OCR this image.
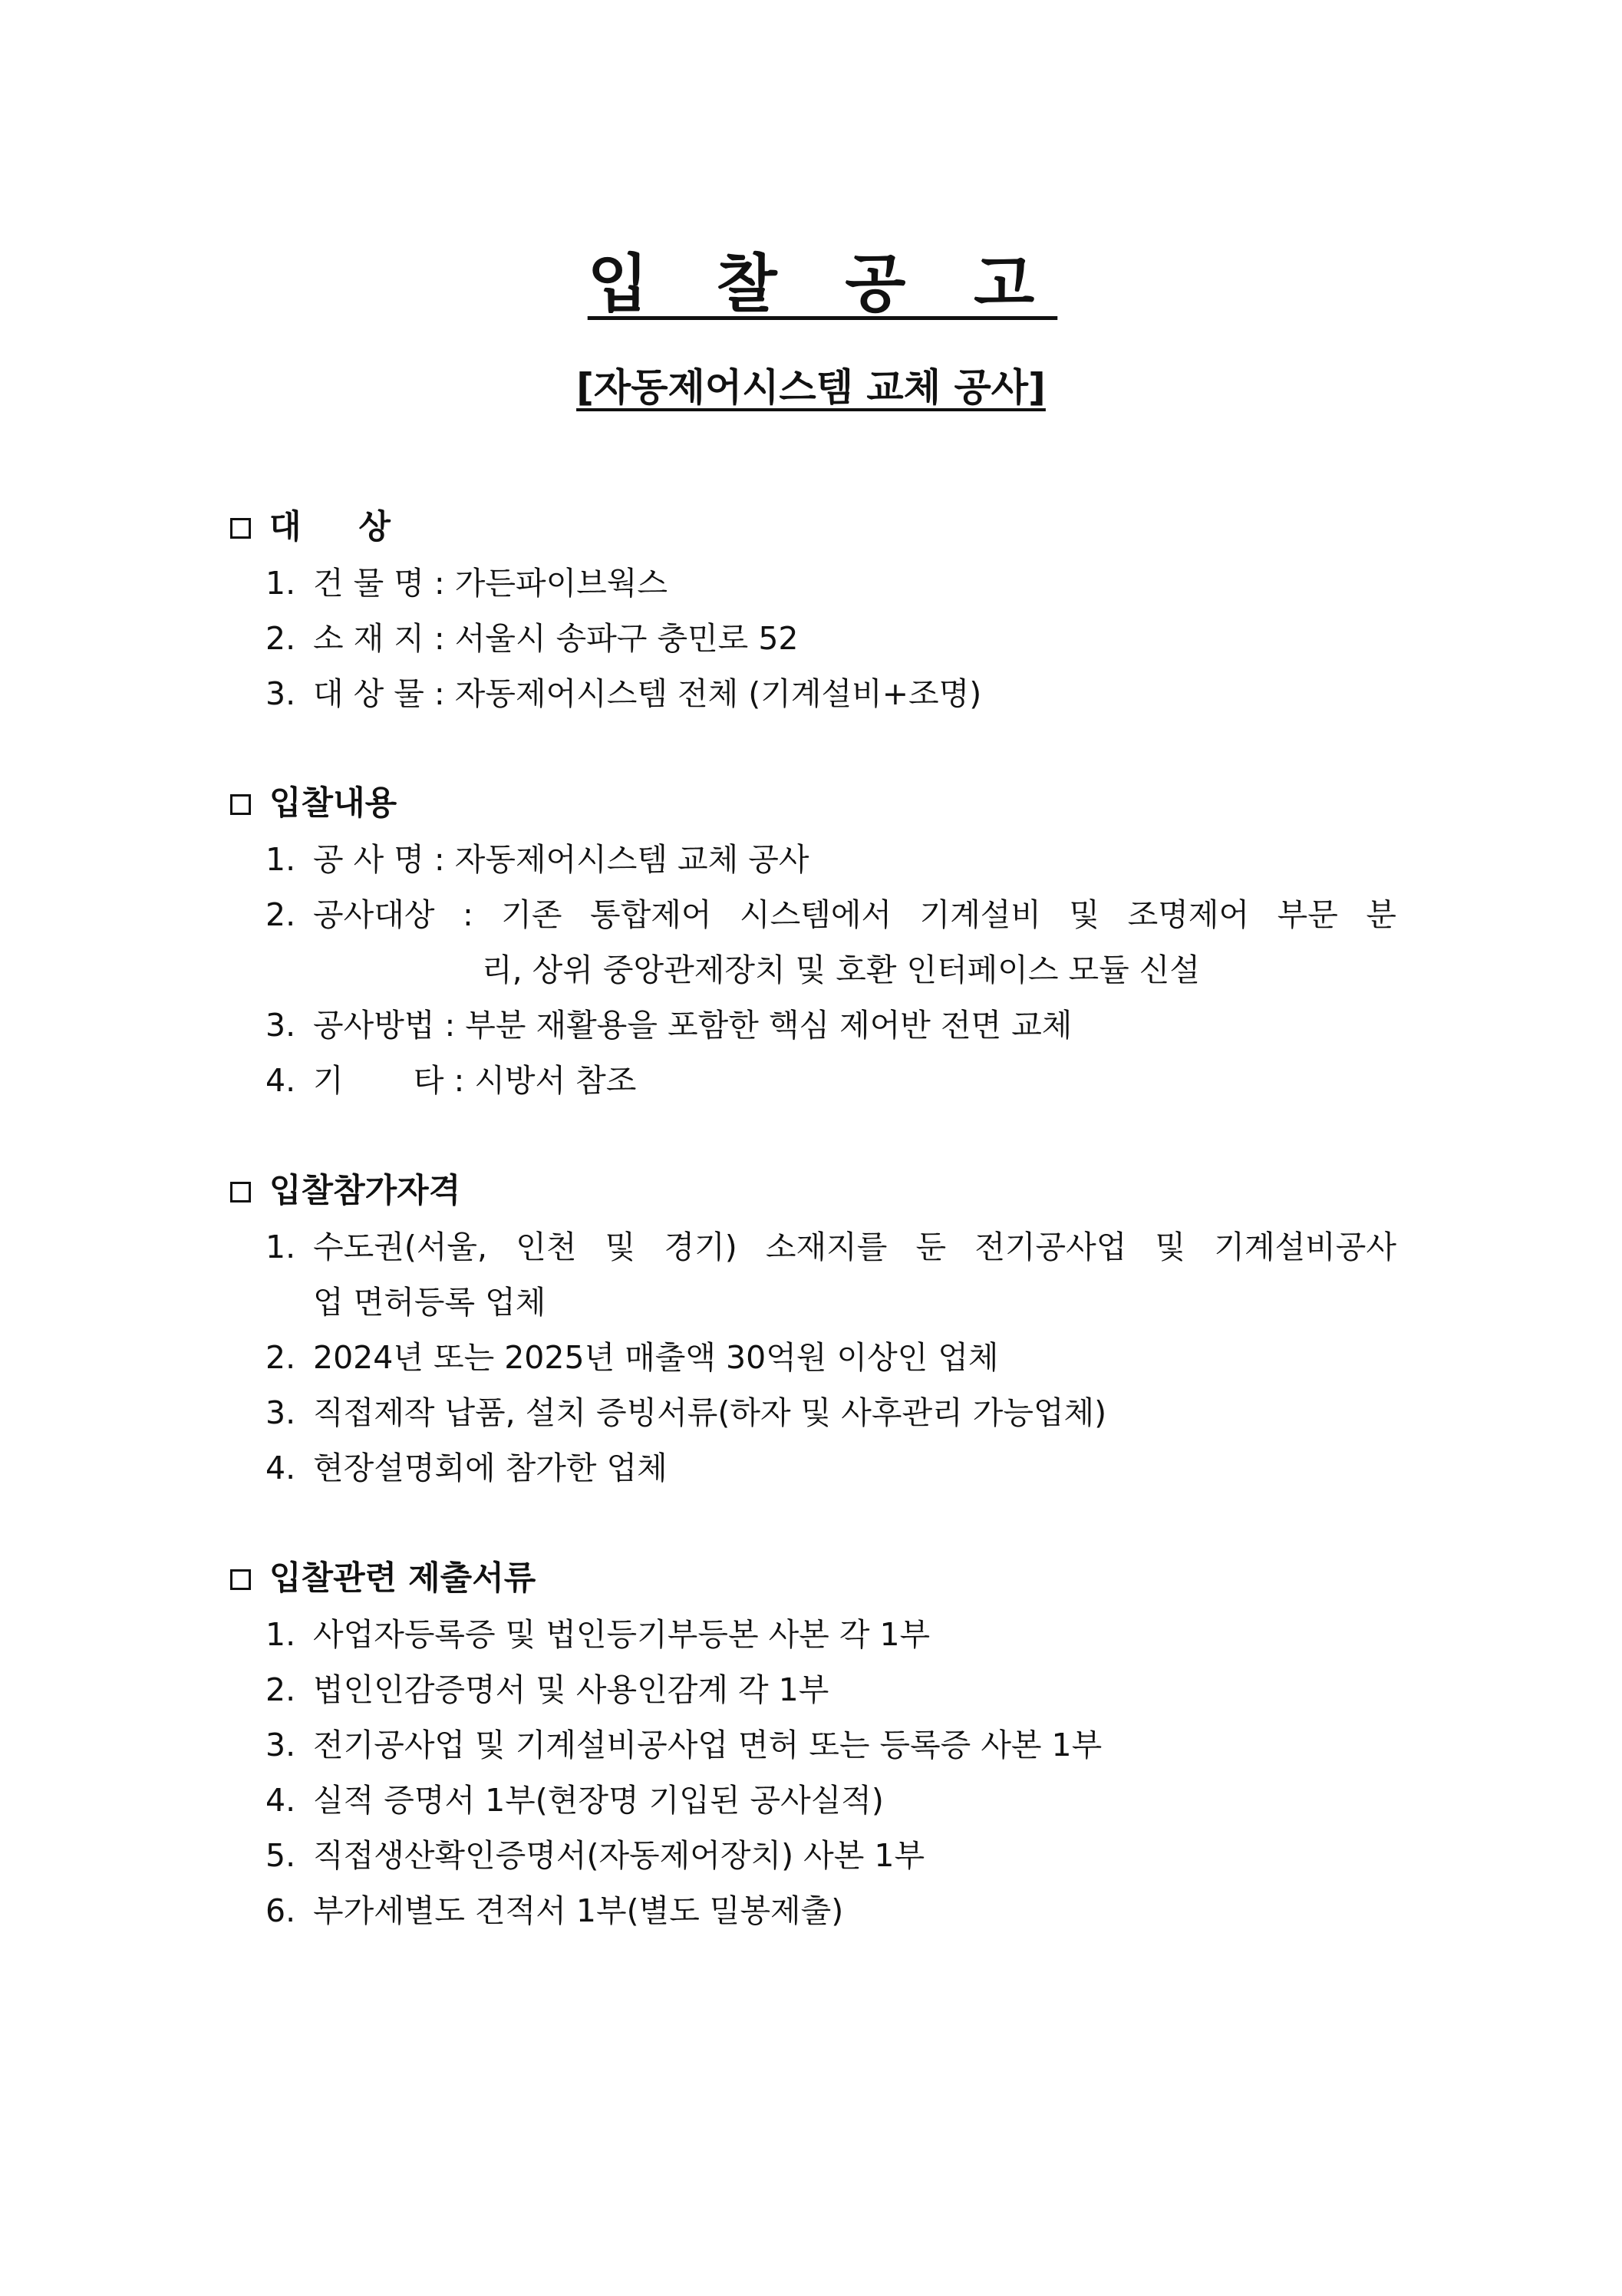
입 찰 공 고
[자동제어시스템 교체 공사]
대     상
1. 건 물 명 : 가든파이브웍스
2. 소 재 지 : 서울시 송파구 충민로 52
3. 대 상 물 : 자동제어시스템 전체 (기계설비+조명)
입찰내용
1. 공 사 명 : 자동제어시스템 교체 공사
2. 공사대상 : 기존 통합제어 시스템에서 기계설비 및 조명제어 부문 분
리, 상위 중앙관제장치 및 호환 인터페이스 모듈 신설
3. 공사방법 : 부분 재활용을 포함한 핵심 제어반 전면 교체
4. 기       타 : 시방서 참조
입찰참가자격
1. 수도권(서울, 인천 및 경기) 소재지를 둔 전기공사업 및 기계설비공사
업 면허등록 업체
2. 2024년 또는 2025년 매출액 30억원 이상인 업체
3. 직접제작 납품, 설치 증빙서류(하자 및 사후관리 가능업체)
4. 현장설명회에 참가한 업체
입찰관련 제출서류
1. 사업자등록증 및 법인등기부등본 사본 각 1부
2. 법인인감증명서 및 사용인감계 각 1부
3. 전기공사업 및 기계설비공사업 면허 또는 등록증 사본 1부
4. 실적 증명서 1부(현장명 기입된 공사실적)
5. 직접생산확인증명서(자동제어장치) 사본 1부
6. 부가세별도 견적서 1부(별도 밀봉제출)
